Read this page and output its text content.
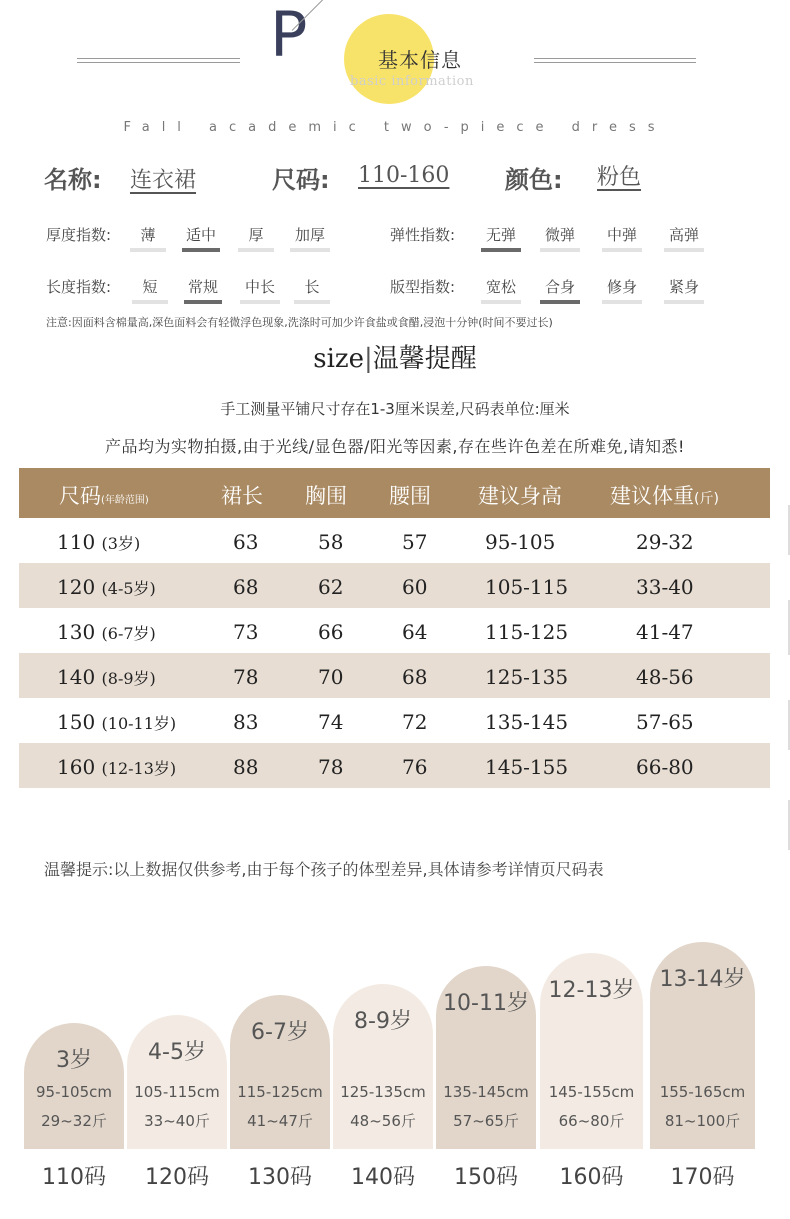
P	基本信息
basic information
Fall academic two-piece dress
名称: 连衣裙	尺码: 110-160 颜色: 粉色
厚度指数:	薄	适中	厚	加厚	弹性指数:	无弹	微弹	中弹	高弹
长度指数:	短	常规	中长	长	版型指数:	宽松	合身	修身	紧身
注意:因面料含棉量高,深色面料会有轻微浮色现象,洗涤时可加少许食盐或食醋,浸泡十分钟(时间不要过长)
size|温馨提醒
手工测量平铺尺寸存在1-3厘米误差,尺码表单位:厘米
产品均为实物拍摄,由于光线/显色器/阳光等因素,存在些许色差在所难免,请知悉!
尺码(年龄范围)	裙长 胸围 腰围 建议身高 建议体重(斤)
110 (3岁)	63	58	57	95-105	29-32
120 (4-5岁)	68	62	60	105-115	33-40
130 (6-7岁)	73	66	64	115-125	41-47
140 (8-9岁)	78	70	68	125-135	48-56
150 (10-11岁)	83	74	72	135-145	57-65
160 (12-13岁)	88	78	76	145-155	66-80
温馨提示:以上数据仅供参考,由于每个孩子的体型差异,具体请参考详情页尺码表
3岁
95-105cm
29~32斤
110码
4-5岁
105-115cm
33~40斤
120码
6-7岁
115-125cm
41~47斤
130码
8-9岁
125-135cm
48~56斤
140码
10-11岁
135-145cm
57~65斤
150码
12-13岁
145-155cm
66~80斤
160码
13-14岁
155-165cm
81~100斤
170码
